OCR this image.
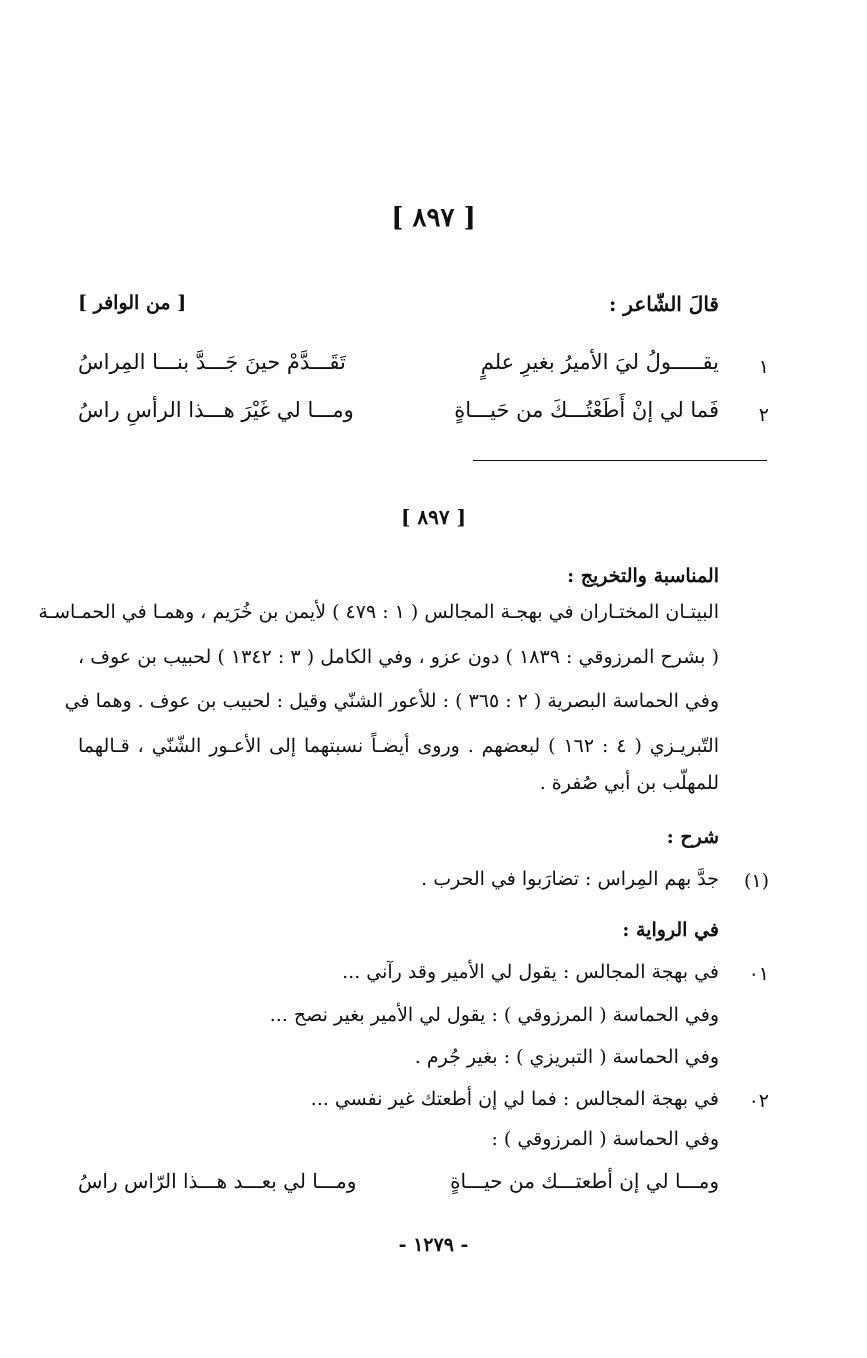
[ ٨٩٧ ]
قالَ الشّاعر :
[ من الوافر ]
١
يقـــــولُ ليَ الأميرُ بغيرِ علمٍ
تَقَـــدَّمْ حينَ جَـــدَّ بنـــا المِراسُ
٢
فَما لي إنْ أَطَعْتُـــكَ من حَيـــاةٍ
ومـــا لي غَيْرَ هـــذا الرأسِ راسُ
[ ٨٩٧ ]
المناسبة والتخريج :
البيتـان المختـاران في بهجـة المجالس ( ١ : ٤٧٩ ) لأيمن بن خُرَيم ، وهمـا في الحمـاسـة
( بشرح المرزوقي : ١٨٣٩ ) دون عزو ، وفي الكامل ( ٣ : ١٣٤٢ ) لحبيب بن عوف ،
وفي الحماسة البصرية ( ٢ : ٣٦٥ ) : للأعور الشنّي وقيل : لحبيب بن عوف . وهما في
التّبريـزي ( ٤ : ١٦٢ ) لبعضهم . وروى أيضـاً نسبتهما إلى الأعـور الشّنّي ، قـالهما
للمهلّب بن أبي صُفرة .
شرح :
(١)
جدَّ بهم المِراس : تضارَبوا في الحرب .
في الرواية :
٠١
في بهجة المجالس : يقول لي الأمير وقد رآني ...
وفي الحماسة ( المرزوقي ) : يقول لي الأمير بغير نصح ...
وفي الحماسة ( التبريزي ) : بغير جُرم .
٠٢
في بهجة المجالس : فما لي إن أطعتك غير نفسي ...
وفي الحماسة ( المرزوقي ) :
ومـــا لي إن أطعتـــك من حيـــاةٍ
ومـــا لي بعـــد هـــذا الرّاس راسُ
- ١٢٧٩ -
